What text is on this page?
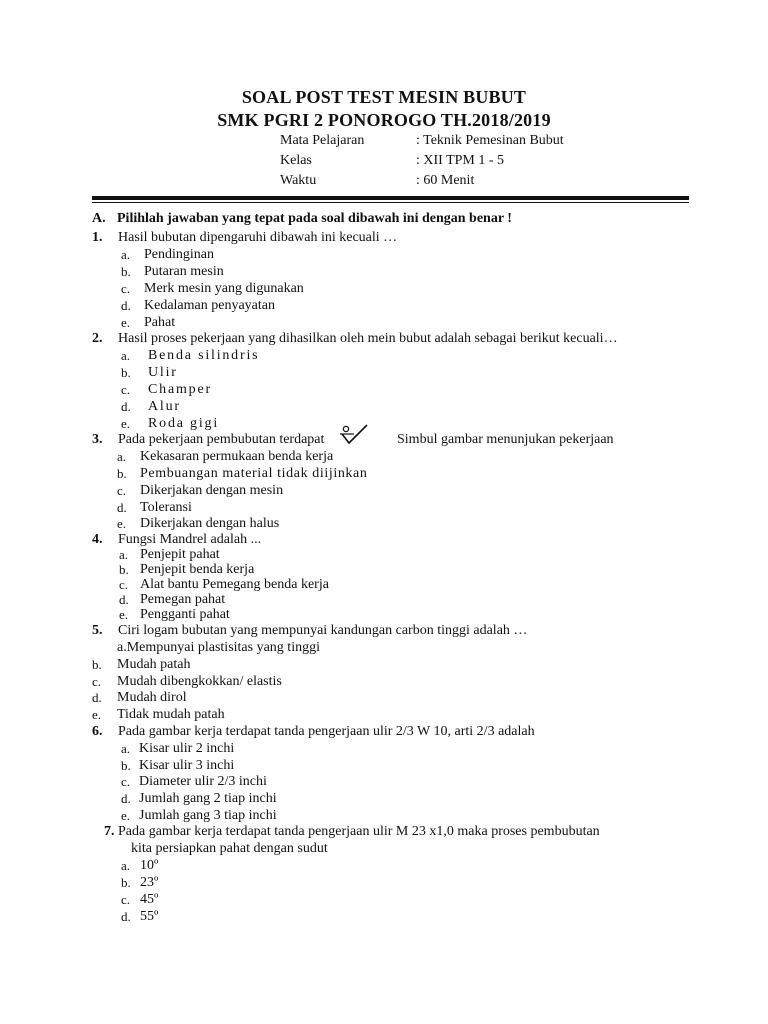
SOAL POST TEST MESIN BUBUT
SMK PGRI 2 PONOROGO TH.2018/2019
Mata Pelajaran	: Teknik Pemesinan Bubut
Kelas	: XII TPM 1 - 5
Waktu	: 60 Menit
A. Pilihlah jawaban yang tepat pada soal dibawah ini dengan benar !
1. Hasil bubutan dipengaruhi dibawah ini kecuali …
a. Pendinginan
b. Putaran mesin
c. Merk mesin yang digunakan
d. Kedalaman penyayatan
e. Pahat
2. Hasil proses pekerjaan yang dihasilkan oleh mein bubut adalah sebagai berikut kecuali…
a. Benda silindris
b. Ulir
c. Champer
d. Alur
e. Roda gigi
3. Pada pekerjaan pembubutan terdapat	Simbul gambar menunjukan pekerjaan
a. Kekasaran permukaan benda kerja
b. Pembuangan material tidak diijinkan
c. Dikerjakan dengan mesin
d. Toleransi
e. Dikerjakan dengan halus
4. Fungsi Mandrel adalah ...
a. Penjepit pahat
b. Penjepit benda kerja
c. Alat bantu Pemegang benda kerja
d. Pemegan pahat
e. Pengganti pahat
5. Ciri logam bubutan yang mempunyai kandungan carbon tinggi adalah …
a.Mempunyai plastisitas yang tinggi
b. Mudah patah
c. Mudah dibengkokkan/ elastis
d. Mudah dirol
e. Tidak mudah patah
6. Pada gambar kerja terdapat tanda pengerjaan ulir 2/3 W 10, arti 2/3 adalah
a. Kisar ulir 2 inchi
b. Kisar ulir 3 inchi
c. Diameter ulir 2/3 inchi
d. Jumlah gang 2 tiap inchi
e. Jumlah gang 3 tiap inchi
7. Pada gambar kerja terdapat tanda pengerjaan ulir M 23 x1,0 maka proses pembubutan
kita persiapkan pahat dengan sudut
a. 10º
b. 23º
c. 45º
d. 55º
